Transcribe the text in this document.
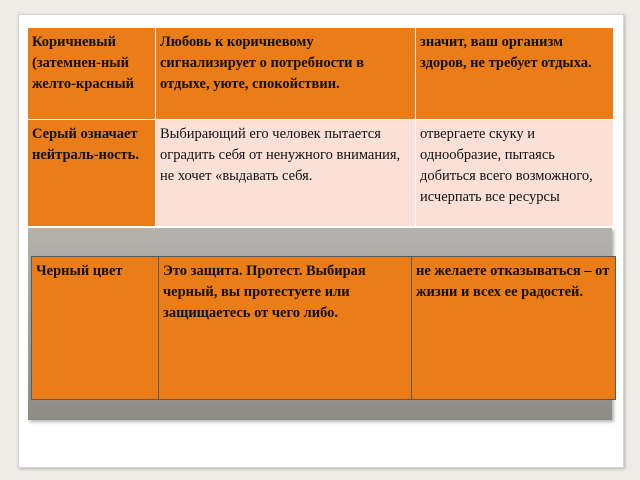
Коричневый (затемнен-ный желто-красный	Любовь к коричневому сигнализирует о потребности в отдыхе, уюте, спокойствии.	значит, ваш организм здоров, не требует отдыха.
Серый означает нейтраль-ность.	Выбирающий его человек пытается оградить себя от ненужного внимания, не хочет «выдавать себя.	отвергаете скуку и однообразие, пытаясь добиться всего возможного, исчерпать все ресурсы
Черный цвет	Это защита. Протест. Выбирая черный, вы протестуете или защищаетесь от чего либо.	не желаете отказываться – от жизни и всех ее радостей.
